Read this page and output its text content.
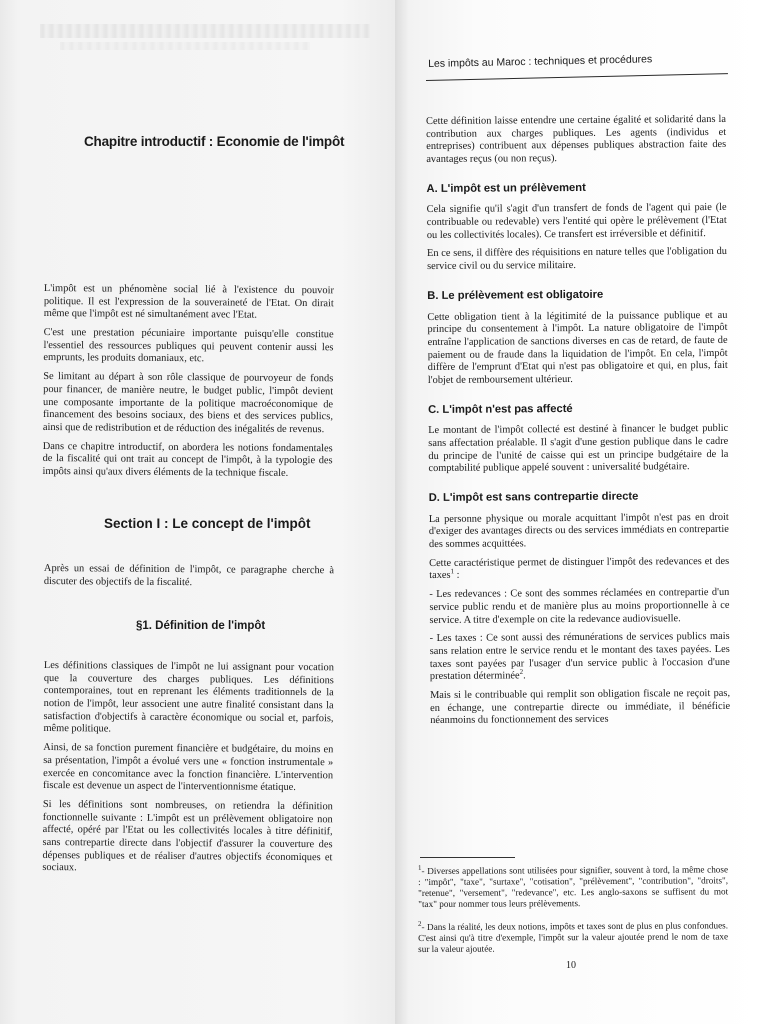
Chapitre introductif : Economie de l'impôt

L'impôt est un phénomène social lié à l'existence du pouvoir politique. Il est l'expression de la souveraineté de l'Etat. On dirait même que l'impôt est né simultanément avec l'Etat.

C'est une prestation pécuniaire importante puisqu'elle constitue l'essentiel des ressources publiques qui peuvent contenir aussi les emprunts, les produits domaniaux, etc.

Se limitant au départ à son rôle classique de pourvoyeur de fonds pour financer, de manière neutre, le budget public, l'impôt devient une composante importante de la politique macroéconomique de financement des besoins sociaux, des biens et des services publics, ainsi que de redistribution et de réduction des inégalités de revenus.

Dans ce chapitre introductif, on abordera les notions fondamentales de la fiscalité qui ont trait au concept de l'impôt, à la typologie des impôts ainsi qu'aux divers éléments de la technique fiscale.

Section I : Le concept de l'impôt

Après un essai de définition de l'impôt, ce paragraphe cherche à discuter des objectifs de la fiscalité.

§1. Définition de l'impôt

Les définitions classiques de l'impôt ne lui assignant pour vocation que la couverture des charges publiques. Les définitions contemporaines, tout en reprenant les éléments traditionnels de la notion de l'impôt, leur associent une autre finalité consistant dans la satisfaction d'objectifs à caractère économique ou social et, parfois, même politique.

Ainsi, de sa fonction purement financière et budgétaire, du moins en sa présentation, l'impôt a évolué vers une « fonction instrumentale » exercée en concomitance avec la fonction financière. L'intervention fiscale est devenue un aspect de l'interventionnisme étatique.

Si les définitions sont nombreuses, on retiendra la définition fonctionnelle suivante : L'impôt est un prélèvement obligatoire non affecté, opéré par l'Etat ou les collectivités locales à titre définitif, sans contrepartie directe dans l'objectif d'assurer la couverture des dépenses publiques et de réaliser d'autres objectifs économiques et sociaux.

Les impôts au Maroc : techniques et procédures

Cette définition laisse entendre une certaine égalité et solidarité dans la contribution aux charges publiques. Les agents (individus et entreprises) contribuent aux dépenses publiques abstraction faite des avantages reçus (ou non reçus).

A. L'impôt est un prélèvement

Cela signifie qu'il s'agit d'un transfert de fonds de l'agent qui paie (le contribuable ou redevable) vers l'entité qui opère le prélèvement (l'Etat ou les collectivités locales). Ce transfert est irréversible et définitif.

En ce sens, il diffère des réquisitions en nature telles que l'obligation du service civil ou du service militaire.

B. Le prélèvement est obligatoire

Cette obligation tient à la légitimité de la puissance publique et au principe du consentement à l'impôt. La nature obligatoire de l'impôt entraîne l'application de sanctions diverses en cas de retard, de faute de paiement ou de fraude dans la liquidation de l'impôt. En cela, l'impôt diffère de l'emprunt d'Etat qui n'est pas obligatoire et qui, en plus, fait l'objet de remboursement ultérieur.

C. L'impôt n'est pas affecté

Le montant de l'impôt collecté est destiné à financer le budget public sans affectation préalable. Il s'agit d'une gestion publique dans le cadre du principe de l'unité de caisse qui est un principe budgétaire de la comptabilité publique appelé souvent : universalité budgétaire.

D. L'impôt est sans contrepartie directe

La personne physique ou morale acquittant l'impôt n'est pas en droit d'exiger des avantages directs ou des services immédiats en contrepartie des sommes acquittées.

Cette caractéristique permet de distinguer l'impôt des redevances et des taxes$^1$ :

- Les redevances : Ce sont des sommes réclamées en contrepartie d'un service public rendu et de manière plus au moins proportionnelle à ce service. A titre d'exemple on cite la redevance audiovisuelle.

- Les taxes : Ce sont aussi des rémunérations de services publics mais sans relation entre le service rendu et le montant des taxes payées. Les taxes sont payées par l'usager d'un service public à l'occasion d'une prestation déterminée$^2$.

Mais si le contribuable qui remplit son obligation fiscale ne reçoit pas, en échange, une contrepartie directe ou immédiate, il bénéficie néanmoins du fonctionnement des services

$^1$- Diverses appellations sont utilisées pour signifier, souvent à tord, la même chose : "impôt", "taxe", "surtaxe", "cotisation", "prélèvement", "contribution", "droits", "retenue", "versement", "redevance", etc. Les anglo-saxons se suffisent du mot "tax" pour nommer tous leurs prélèvements.
$^2$- Dans la réalité, les deux notions, impôts et taxes sont de plus en plus confondues. C'est ainsi qu'à titre d'exemple, l'impôt sur la valeur ajoutée prend le nom de taxe sur la valeur ajoutée.
10
